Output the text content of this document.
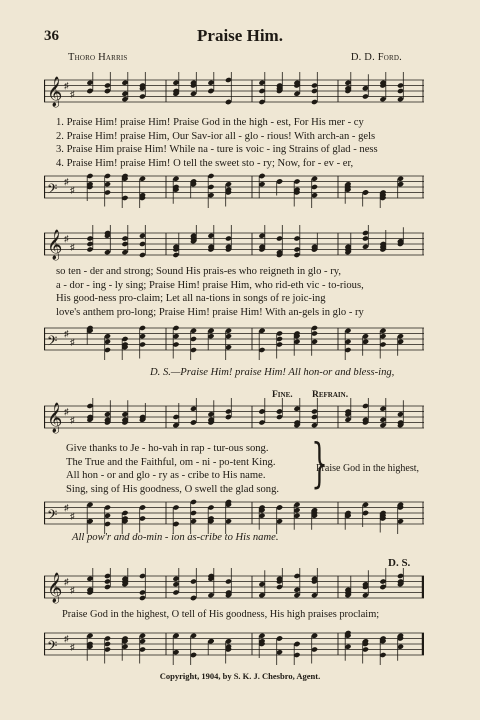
36	Praise Him.
Thoro Harris	D. D. Ford.
𝄞 ♯
♯
1. Praise Him! praise Him! Praise God in the high - est, For His mer - cy
2. Praise Him! praise Him, Our Sav-ior all - glo - rious! With arch-an - gels
3. Praise Him praise Him! While na - ture is voic - ing Strains of glad - ness
4. Praise Him! praise Him! O tell the sweet sto - ry; Now, for - ev - er,
𝄢 ♯
♯
𝄞 ♯
♯
so ten - der and strong; Sound His prais-es who reigneth in glo - ry,
a - dor - ing - ly sing; Praise Him! praise Him, who rid-eth vic - to-rious,
His good-ness pro-claim; Let all na-tions in songs of re joic-ing
love's anthem pro-long; Praise Him! praise Him! With an-gels in glo - ry
𝄢 ♯
♯
D. S.—Praise Him! praise Him! All hon-or and bless-ing,
Fine. Refrain.
𝄞 ♯
♯
Give thanks to Je - ho-vah in rap - tur-ous song.
The True and the Faithful, om - ni - po-tent King.
All hon - or and glo - ry as - cribe to His name.
Sing, sing of His goodness, O swell the glad song. }
Praise God in the highest,
𝄢 ♯
♯
All pow'r and do-min - ion as-cribe to His name.
D. S.
𝄞 ♯
♯
Praise God in the highest, O tell of His goodness, His high praises proclaim;
𝄢 ♯
♯
Copyright, 1904, by S. K. J. Chesbro, Agent.
